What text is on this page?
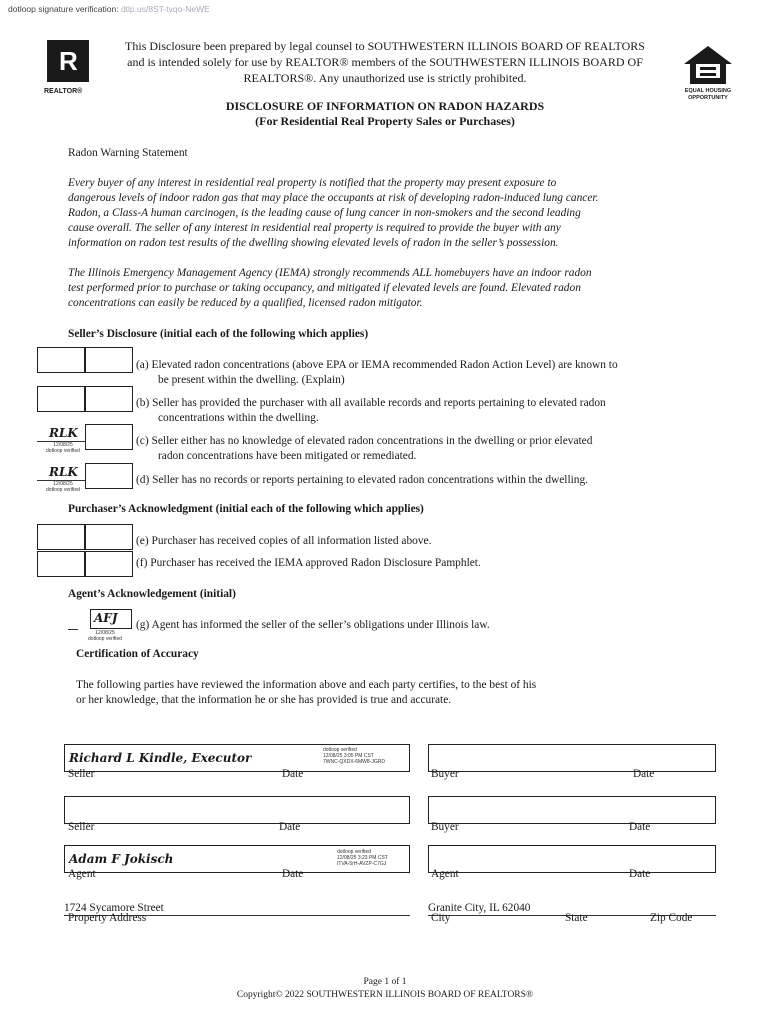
dotloop signature verification: dtlp.us/8ST-tvqo-NeWE
R
REALTOR®	EQUAL HOUSING
OPPORTUNITY
This Disclosure been prepared by legal counsel to SOUTHWESTERN ILLINOIS BOARD OF REALTORS
and is intended solely for use by REALTOR® members of the SOUTHWESTERN ILLINOIS BOARD OF
REALTORS®. Any unauthorized use is strictly prohibited.
DISCLOSURE OF INFORMATION ON RADON HAZARDS
(For Residential Real Property Sales or Purchases)
Radon Warning Statement
Every buyer of any interest in residential real property is notified that the property may present exposure to
dangerous levels of indoor radon gas that may place the occupants at risk of developing radon-induced lung cancer.
Radon, a Class-A human carcinogen, is the leading cause of lung cancer in non-smokers and the second leading
cause overall. The seller of any interest in residential real property is required to provide the buyer with any
information on radon test results of the dwelling showing elevated levels of radon in the seller’s possession.
The Illinois Emergency Management Agency (IEMA) strongly recommends ALL homebuyers have an indoor radon
test performed prior to purchase or taking occupancy, and mitigated if elevated levels are found. Elevated radon
concentrations can easily be reduced by a qualified, licensed radon mitigator.
Seller’s Disclosure (initial each of the following which applies)
(a) Elevated radon concentrations (above EPA or IEMA recommended Radon Action Level) are known to
be present within the dwelling. (Explain)
(b) Seller has provided the purchaser with all available records and reports pertaining to elevated radon
concentrations within the dwelling.
RLK
12/08/25
dotloop verified
(c) Seller either has no knowledge of elevated radon concentrations in the dwelling or prior elevated
radon concentrations have been mitigated or remediated.
RLK
12/08/25
dotloop verified
(d) Seller has no records or reports pertaining to elevated radon concentrations within the dwelling.
Purchaser’s Acknowledgment (initial each of the following which applies)
(e) Purchaser has received copies of all information listed above.
(f) Purchaser has received the IEMA approved Radon Disclosure Pamphlet.
Agent’s Acknowledgement (initial)
AFJ
12/08/25
dotloop verified
(g) Agent has informed the seller of the seller’s obligations under Illinois law.
Certification of Accuracy
The following parties have reviewed the information above and each party certifies, to the best of his
or her knowledge, that the information he or she has provided is true and accurate.
Richard L Kindle, Executor
dotloop verified
12/08/25 3:05 PM CST
7WNC-QXDX-6MW8-JGRD
Seller	Date	Buyer	Date
Seller	Date	Buyer	Date
Adam F Jokisch	dotloop verified
12/08/25 3:23 PM CST
ITVA-5rH-AVZP-C7GJ
Agent	Date	Agent	Date
1724 Sycamore Street
Property Address
Granite City, IL 62040
City	State	Zip Code
Page 1 of 1
Copyright© 2022 SOUTHWESTERN ILLINOIS BOARD OF REALTORS®
